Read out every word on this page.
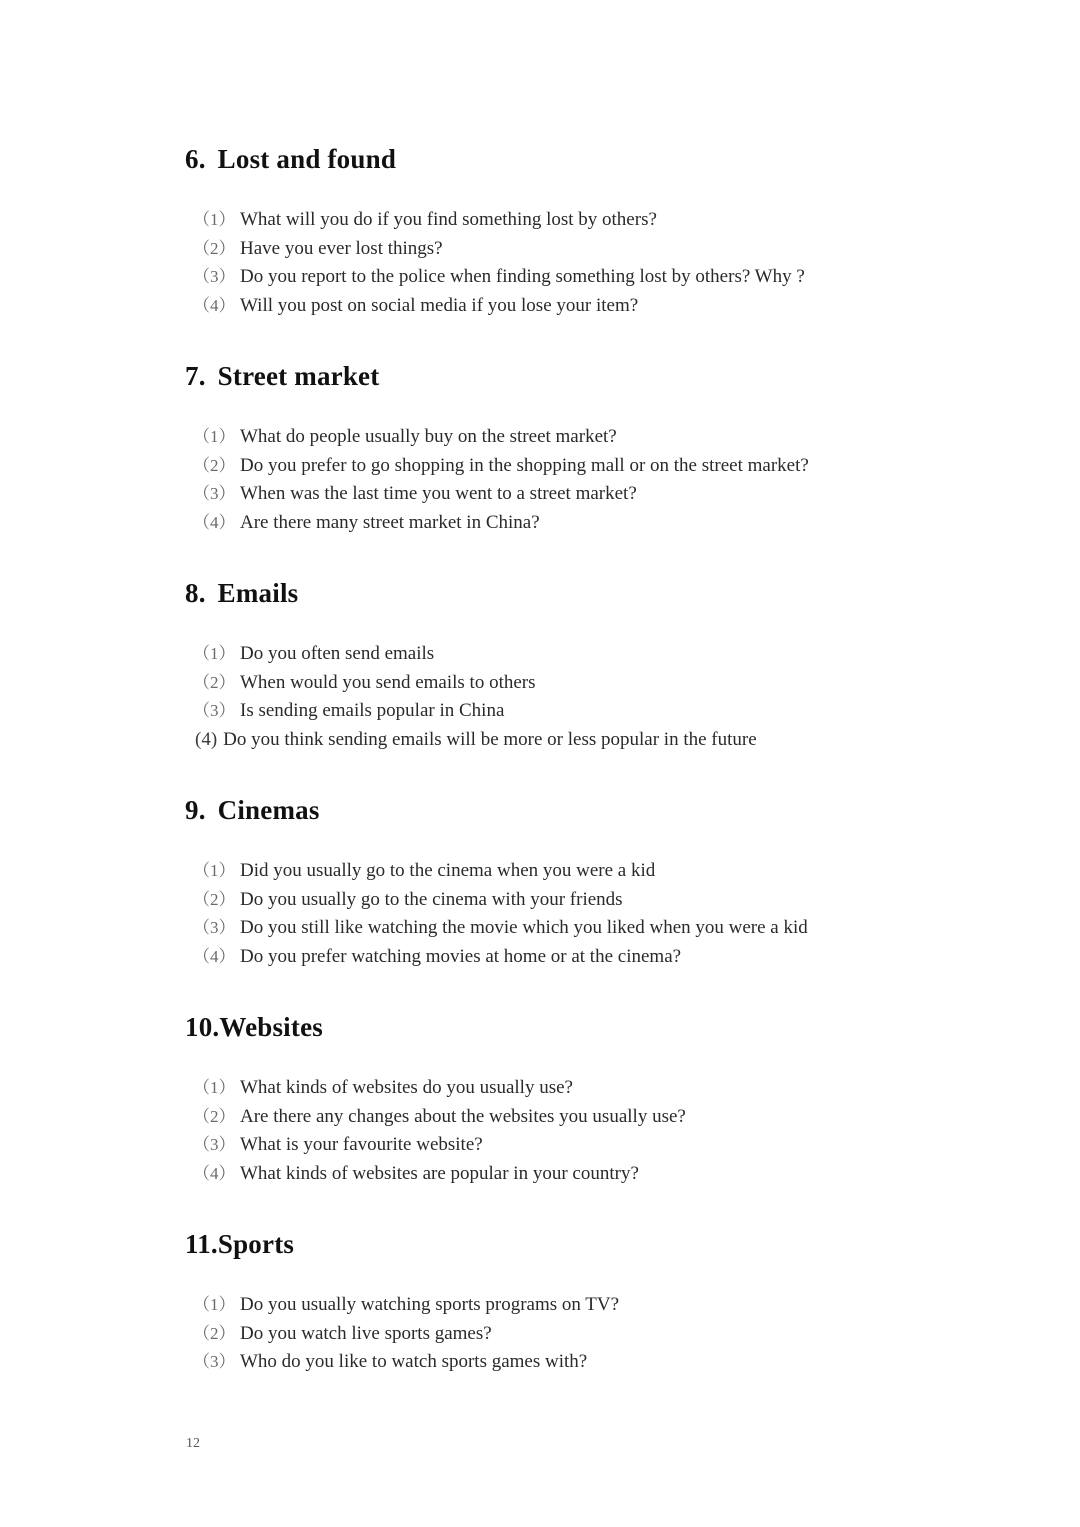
6. Lost and found
（1） What will you do if you find something lost by others?
（2） Have you ever lost things?
（3） Do you report to the police when finding something lost by others? Why ?
（4） Will you post on social media if you lose your item?
7. Street market
（1） What do people usually buy on the street market?
（2） Do you prefer to go shopping in the shopping mall or on the street market?
（3） When was the last time you went to a street market?
（4） Are there many street market in China?
8. Emails
（1） Do you often send emails
（2） When would you send emails to others
（3） Is sending emails popular in China
(4) Do you think sending emails will be more or less popular in the future
9. Cinemas
（1） Did you usually go to the cinema when you were a kid
（2） Do you usually go to the cinema with your friends
（3） Do you still like watching the movie which you liked when you were a kid
（4） Do you prefer watching movies at home or at the cinema?
10.Websites
（1） What kinds of websites do you usually use?
（2） Are there any changes about the websites you usually use?
（3） What is your favourite website?
（4） What kinds of websites are popular in your country?
11.Sports
（1） Do you usually watching sports programs on TV?
（2） Do you watch live sports games?
（3） Who do you like to watch sports games with?
12
